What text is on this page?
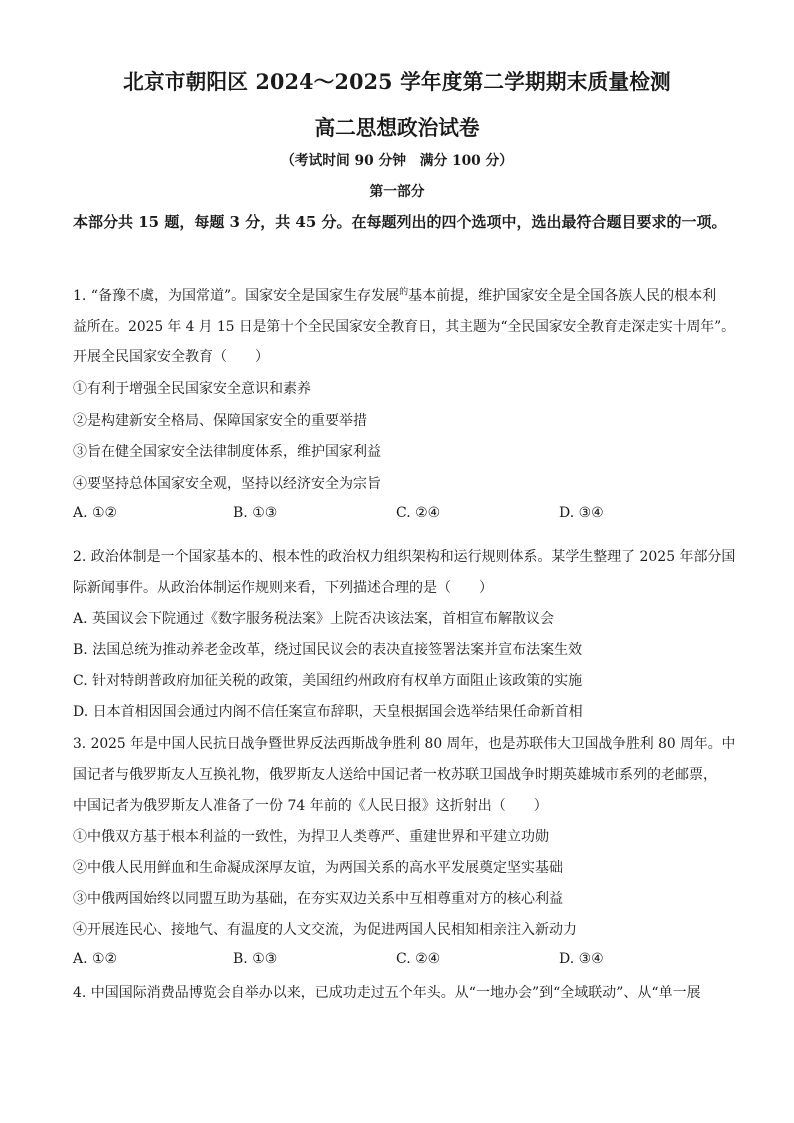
北京市朝阳区 2024～2025 学年度第二学期期末质量检测
高二思想政治试卷
（考试时间 90 分钟　满分 100 分）
第一部分
本部分共 15 题，每题 3 分，共 45 分。在每题列出的四个选项中，选出最符合题目要求的一项。
1. “备豫不虞，为国常道”。国家安全是国家生存发展$^的$基本前提，维护国家安全是全国各族人民的根本利
益所在。2025 年 4 月 15 日是第十个全民国家安全教育日，其主题为“全民国家安全教育走深走实十周年”。
开展全民国家安全教育（　　）
①有利于增强全民国家安全意识和素养
②是构建新安全格局、保障国家安全的重要举措
③旨在健全国家安全法律制度体系，维护国家利益
④要坚持总体国家安全观，坚持以经济安全为宗旨
A. ①②	B. ①③	C. ②④	D. ③④
2. 政治体制是一个国家基本的、根本性的政治权力组织架构和运行规则体系。某学生整理了 2025 年部分国
际新闻事件。从政治体制运作规则来看，下列描述合理的是（　　）
A. 英国议会下院通过《数字服务税法案》上院否决该法案，首相宣布解散议会
B. 法国总统为推动养老金改革，绕过国民议会的表决直接签署法案并宣布法案生效
C. 针对特朗普政府加征关税的政策，美国纽约州政府有权单方面阻止该政策的实施
D. 日本首相因国会通过内阁不信任案宣布辞职，天皇根据国会选举结果任命新首相
3. 2025 年是中国人民抗日战争暨世界反法西斯战争胜利 80 周年，也是苏联伟大卫国战争胜利 80 周年。中
国记者与俄罗斯友人互换礼物，俄罗斯友人送给中国记者一枚苏联卫国战争时期英雄城市系列的老邮票，
中国记者为俄罗斯友人准备了一份 74 年前的《人民日报》这折射出（　　）
①中俄双方基于根本利益的一致性，为捍卫人类尊严、重建世界和平建立功勋
②中俄人民用鲜血和生命凝成深厚友谊，为两国关系的高水平发展奠定坚实基础
③中俄两国始终以同盟互助为基础，在夯实双边关系中互相尊重对方的核心利益
④开展连民心、接地气、有温度的人文交流，为促进两国人民相知相亲注入新动力
A. ①②	B. ①③	C. ②④	D. ③④
4. 中国国际消费品博览会自举办以来，已成功走过五个年头。从“一地办会”到“全域联动”、从“单一展
